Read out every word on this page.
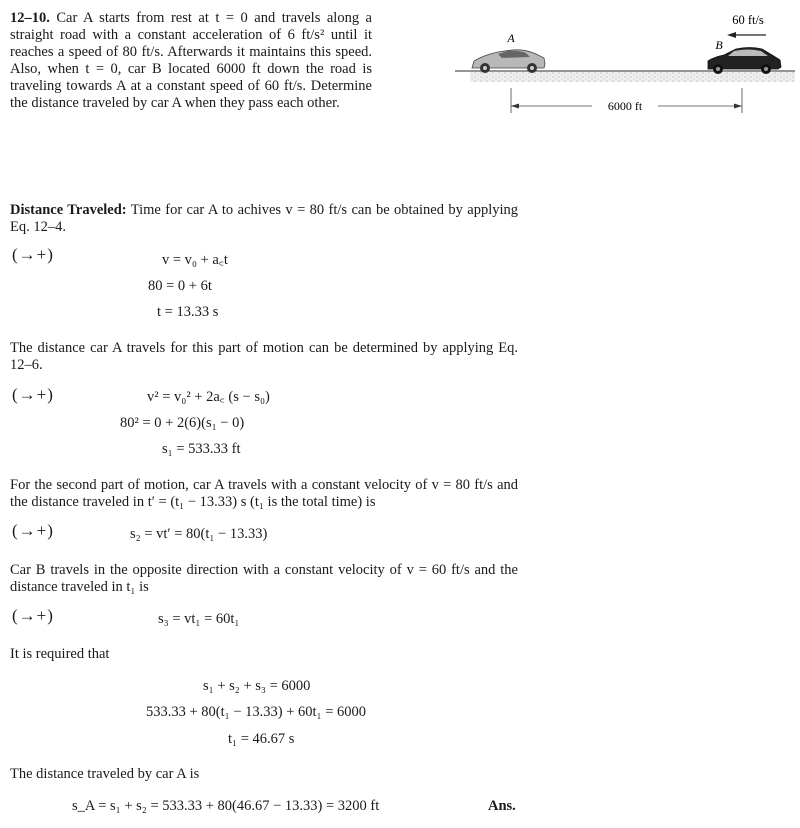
12–10. Car A starts from rest at t = 0 and travels along a straight road with a constant acceleration of 6 ft/s² until it reaches a speed of 80 ft/s. Afterwards it maintains this speed. Also, when t = 0, car B located 6000 ft down the road is traveling towards A at a constant speed of 60 ft/s. Determine the distance traveled by car A when they pass each other.
A	B
60 ft/s
6000 ft
Distance Traveled: Time for car A to achives v = 80 ft/s can be obtained by applying Eq. 12–4.
(→+)	v = v₀ + a꜀t
80 = 0 + 6t
t = 13.33 s
The distance car A travels for this part of motion can be determined by applying Eq. 12–6.
(→+)	v² = v₀² + 2a꜀ (s − s₀)
80² = 0 + 2(6)(s₁ − 0)
s₁ = 533.33 ft
For the second part of motion, car A travels with a constant velocity of v = 80 ft/s and the distance traveled in t′ = (t₁ − 13.33) s (t₁ is the total time) is
(→+)	s₂ = vt′ = 80(t₁ − 13.33)
Car B travels in the opposite direction with a constant velocity of v = 60 ft/s and the distance traveled in t₁ is
(→+)	s₃ = vt₁ = 60t₁
It is required that
s₁ + s₂ + s₃ = 6000
533.33 + 80(t₁ − 13.33) + 60t₁ = 6000
t₁ = 46.67 s
The distance traveled by car A is
s_A = s₁ + s₂ = 533.33 + 80(46.67 − 13.33) = 3200 ft	Ans.
